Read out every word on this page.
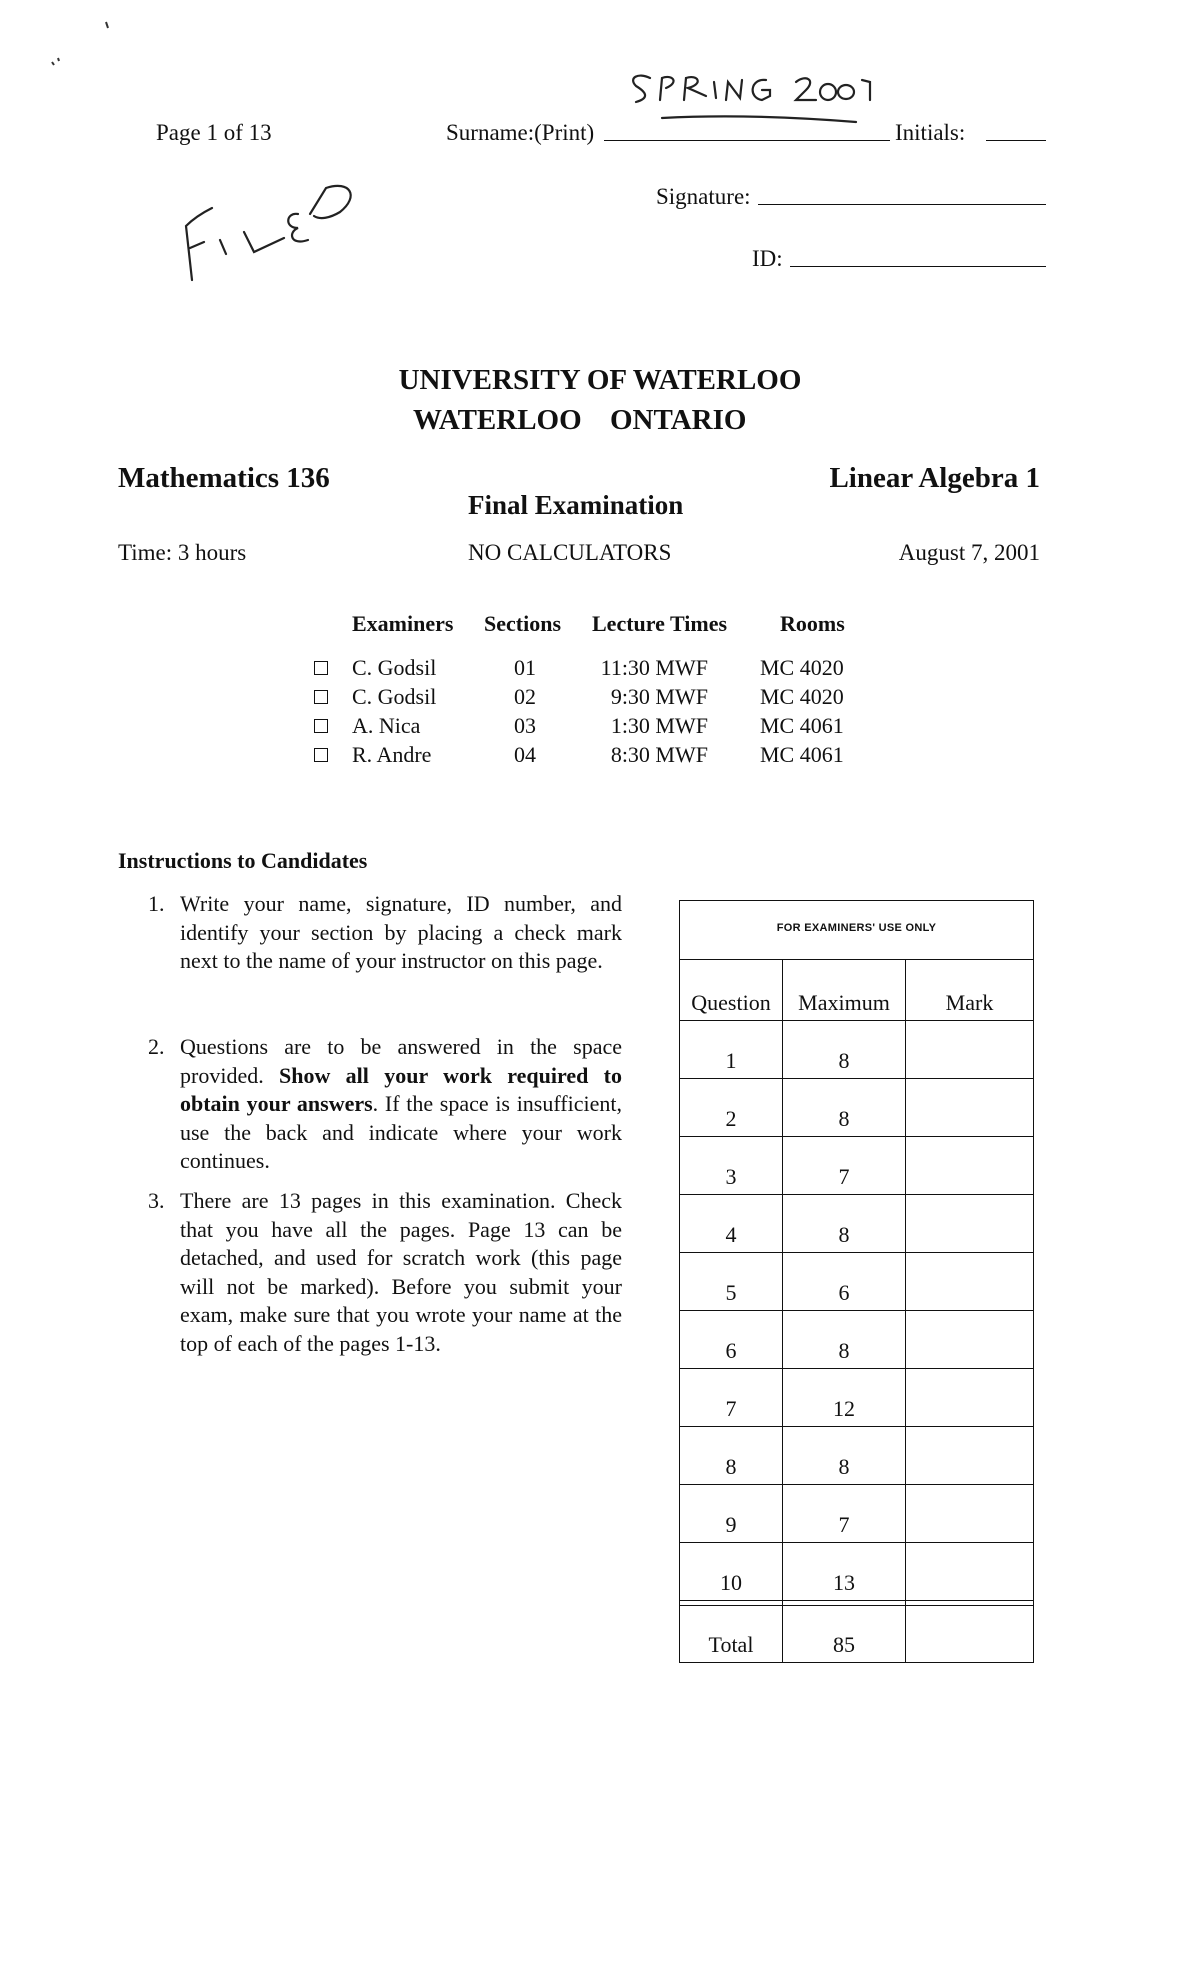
Page 1 of 13	Surname:(Print)	Initials:
Signature:
ID:
UNIVERSITY OF WATERLOO
WATERLOO ONTARIO
Mathematics 136	Linear Algebra 1
Final Examination
Time: 3 hours	NO CALCULATORS	August 7, 2001
Examiners Sections Lecture Times Rooms
C. Godsil	01	11:30 MWF MC 4020
C. Godsil	02	9:30 MWF MC 4020
A. Nica	03	1:30 MWF MC 4061
R. Andre	04	8:30 MWF MC 4061
Instructions to Candidates
1. Write your name, signature, ID number, and identify your section by placing a check mark next to the name of your instructor on this page.
2. Questions are to be answered in the space provided. Show all your work required to obtain your answers. If the space is insufficient, use the back and indicate where your work continues.
3. There are 13 pages in this examination. Check that you have all the pages. Page 13 can be detached, and used for scratch work (this page will not be marked). Before you submit your exam, make sure that you wrote your name at the top of each of the pages 1-13.
FOR EXAMINERS' USE ONLY		
Question	Maximum	Mark
1	8	
2	8	
3	7	
4	8	
5	6	
6	8	
7	12	
8	8	
9	7	
10	13	

Total	85	
